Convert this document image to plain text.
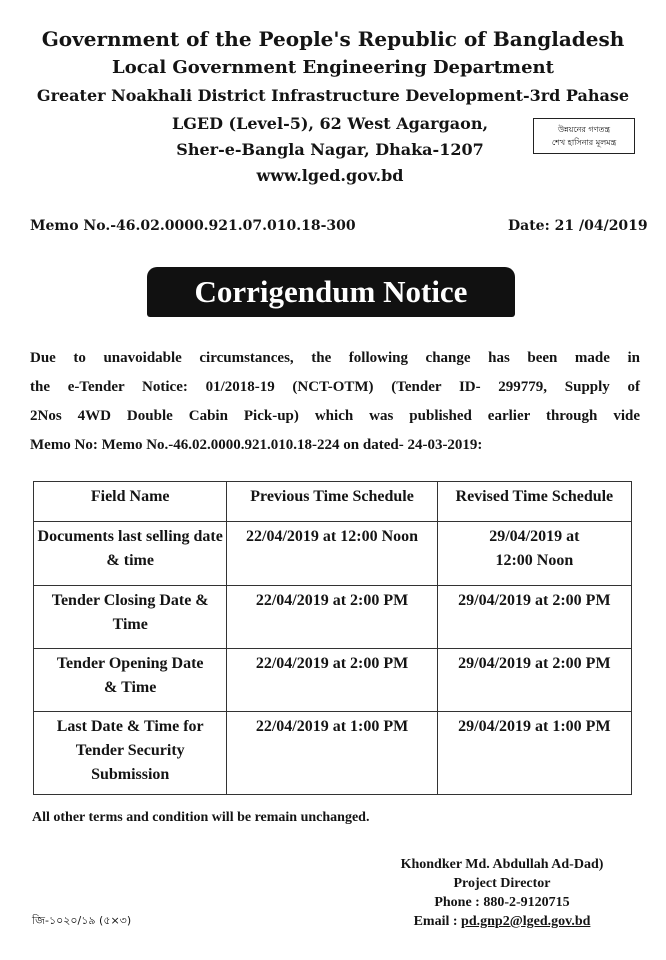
Government of the People's Republic of Bangladesh
Local Government Engineering Department
Greater Noakhali District Infrastructure Development-3rd Pahase
LGED (Level-5), 62 West Agargaon,
Sher-e-Bangla Nagar, Dhaka-1207
www.lged.gov.bd
উন্নয়নের গণতন্ত্র
শেখ হাসিনার মূলমন্ত্র
Memo No.-46.02.0000.921.07.010.18-300	Date: 21 /04/2019
Corrigendum Notice
Due to unavoidable circumstances, the following change has been made in
the e-Tender Notice: 01/2018-19 (NCT-OTM) (Tender ID- 299779, Supply of
2Nos 4WD Double Cabin Pick-up) which was published earlier through vide
Memo No: Memo No.-46.02.0000.921.010.18-224 on dated- 24-03-2019:
Field Name	Previous Time Schedule	Revised Time Schedule
Documents last selling date & time	22/04/2019 at 12:00 Noon	29/04/2019 at 12:00 Noon
Tender Closing Date & Time	22/04/2019 at 2:00 PM	29/04/2019 at 2:00 PM
Tender Opening Date & Time	22/04/2019 at 2:00 PM	29/04/2019 at 2:00 PM
Last Date & Time for Tender Security Submission	22/04/2019 at 1:00 PM	29/04/2019 at 1:00 PM
All other terms and condition will be remain unchanged.
Khondker Md. Abdullah Ad-Dad)
Project Director
Phone : 880-2-9120715
Email : pd.gnp2@lged.gov.bd
জি-১০২০/১৯ (৫×৩)
